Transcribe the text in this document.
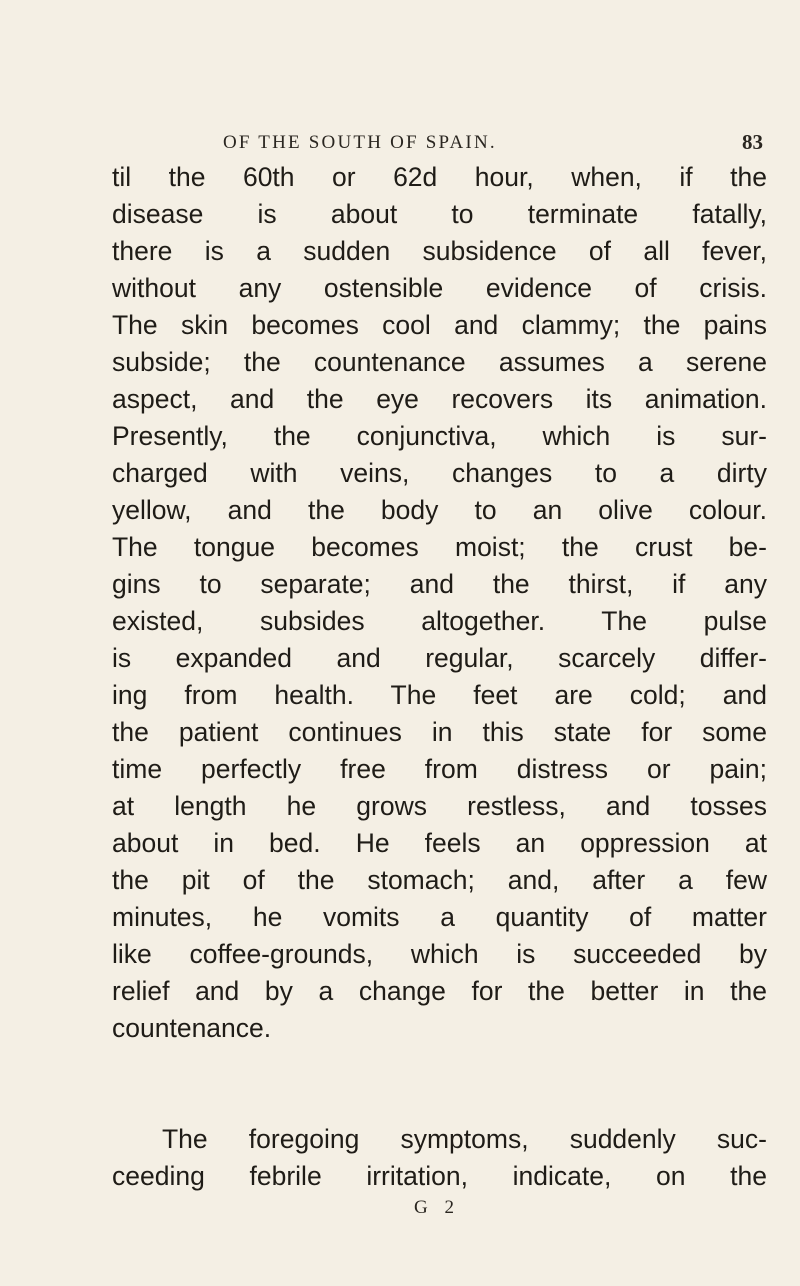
OF THE SOUTH OF SPAIN.	83
til the 60th or 62d hour, when, if the
disease is about to terminate fatally,
there is a sudden subsidence of all fever,
without any ostensible evidence of crisis.
The skin becomes cool and clammy; the pains
subside; the countenance assumes a serene
aspect, and the eye recovers its animation.
Presently, the conjunctiva, which is sur-
charged with veins, changes to a dirty
yellow, and the body to an olive colour.
The tongue becomes moist; the crust be-
gins to separate; and the thirst, if any
existed, subsides altogether. The pulse
is expanded and regular, scarcely differ-
ing from health. The feet are cold; and
the patient continues in this state for some
time perfectly free from distress or pain;
at length he grows restless, and tosses
about in bed. He feels an oppression at
the pit of the stomach; and, after a few
minutes, he vomits a quantity of matter
like coffee-grounds, which is succeeded by
relief and by a change for the better in the
countenance.
The foregoing symptoms, suddenly suc-
ceeding febrile irritation, indicate, on the
G 2
